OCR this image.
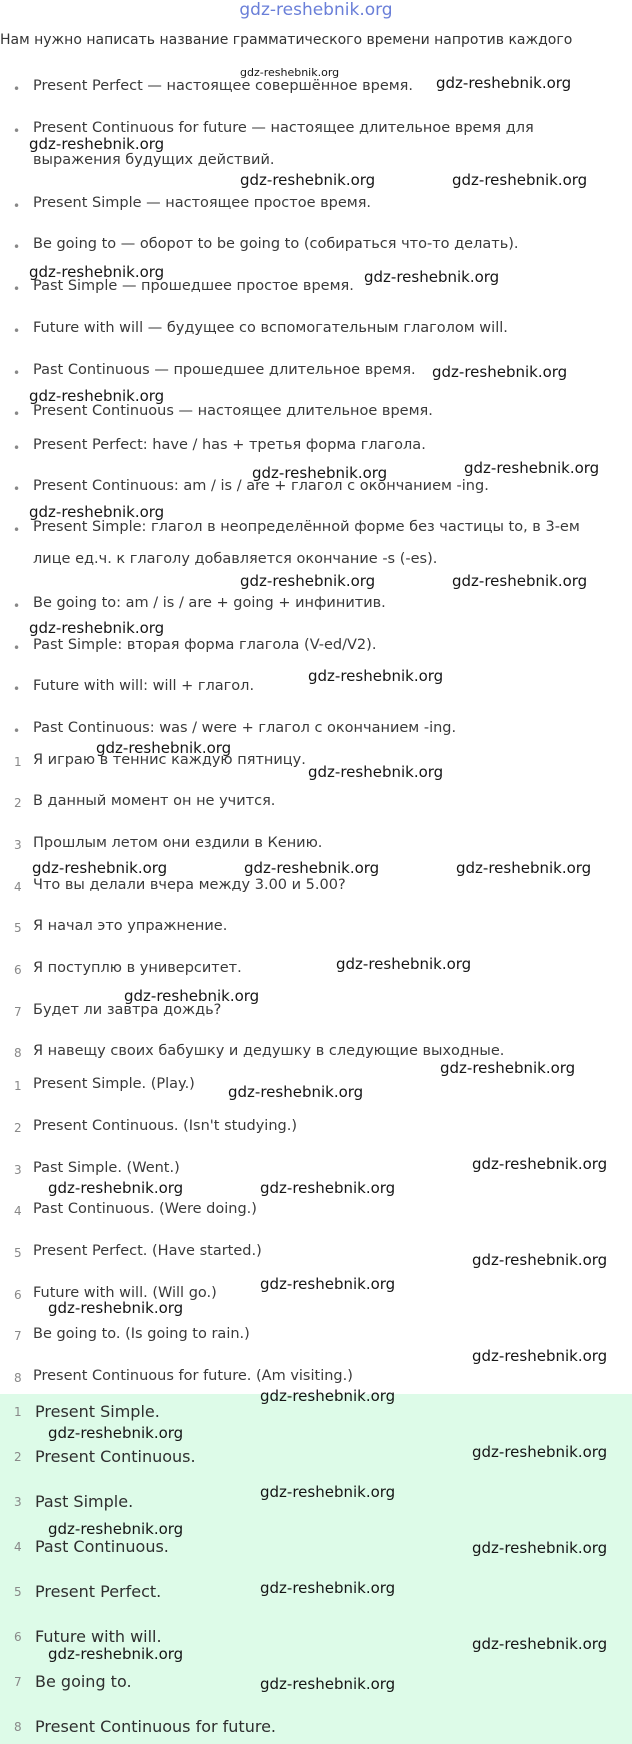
gdz-reshebnik.org
Нам нужно написать название грамматического времени напротив каждого
• Present Perfect — настоящее совершённое время.
• Present Continuous for future — настоящее длительное время для
выражения будущих действий.
• Present Simple — настоящее простое время.
• Be going to — оборот to be going to (собираться что-то делать).
• Past Simple — прошедшее простое время.
• Future with will — будущее со вспомогательным глаголом will.
• Past Continuous — прошедшее длительное время.
• Present Continuous — настоящее длительное время.
• Present Perfect: have / has + третья форма глагола.
• Present Continuous: am / is / are + глагол с окончанием -ing.
• Present Simple: глагол в неопределённой форме без частицы to, в 3-ем
лице ед.ч. к глаголу добавляется окончание -s (-es).
• Be going to: am / is / are + going + инфинитив.
• Past Simple: вторая форма глагола (V-ed/V2).
• Future with will: will + глагол.
• Past Continuous: was / were + глагол с окончанием -ing.
1 Я играю в теннис каждую пятницу.
2 В данный момент он не учится.
3 Прошлым летом они ездили в Кению.
4 Что вы делали вчера между 3.00 и 5.00?
5 Я начал это упражнение.
6 Я поступлю в университет.
7 Будет ли завтра дождь?
8 Я навещу своих бабушку и дедушку в следующие выходные.
1 Present Simple. (Play.)
2 Present Continuous. (Isn't studying.)
3 Past Simple. (Went.)
4 Past Continuous. (Were doing.)
5 Present Perfect. (Have started.)
6 Future with will. (Will go.)
7 Be going to. (Is going to rain.)
8 Present Continuous for future. (Am visiting.)
1 Present Simple.
2 Present Continuous.
3 Past Simple.
4 Past Continuous.
5 Present Perfect.
6 Future with will.
7 Be going to.
8 Present Continuous for future.
gdz-reshebnik.org
gdz-reshebnik.org
gdz-reshebnik.org
gdz-reshebnik.org	gdz-reshebnik.org
gdz-reshebnik.org	gdz-reshebnik.org
gdz-reshebnik.org
gdz-reshebnik.org
gdz-reshebnik.org	gdz-reshebnik.org
gdz-reshebnik.org
gdz-reshebnik.org	gdz-reshebnik.org
gdz-reshebnik.org
gdz-reshebnik.org
gdz-reshebnik.org
gdz-reshebnik.org
gdz-reshebnik.org	gdz-reshebnik.org	gdz-reshebnik.org
gdz-reshebnik.org
gdz-reshebnik.org
gdz-reshebnik.org
gdz-reshebnik.org
gdz-reshebnik.org
gdz-reshebnik.org	gdz-reshebnik.org
gdz-reshebnik.org
gdz-reshebnik.org
gdz-reshebnik.org
gdz-reshebnik.org
gdz-reshebnik.org
gdz-reshebnik.org
gdz-reshebnik.org
gdz-reshebnik.org
gdz-reshebnik.org
gdz-reshebnik.org
gdz-reshebnik.org
gdz-reshebnik.org
gdz-reshebnik.org
gdz-reshebnik.org
